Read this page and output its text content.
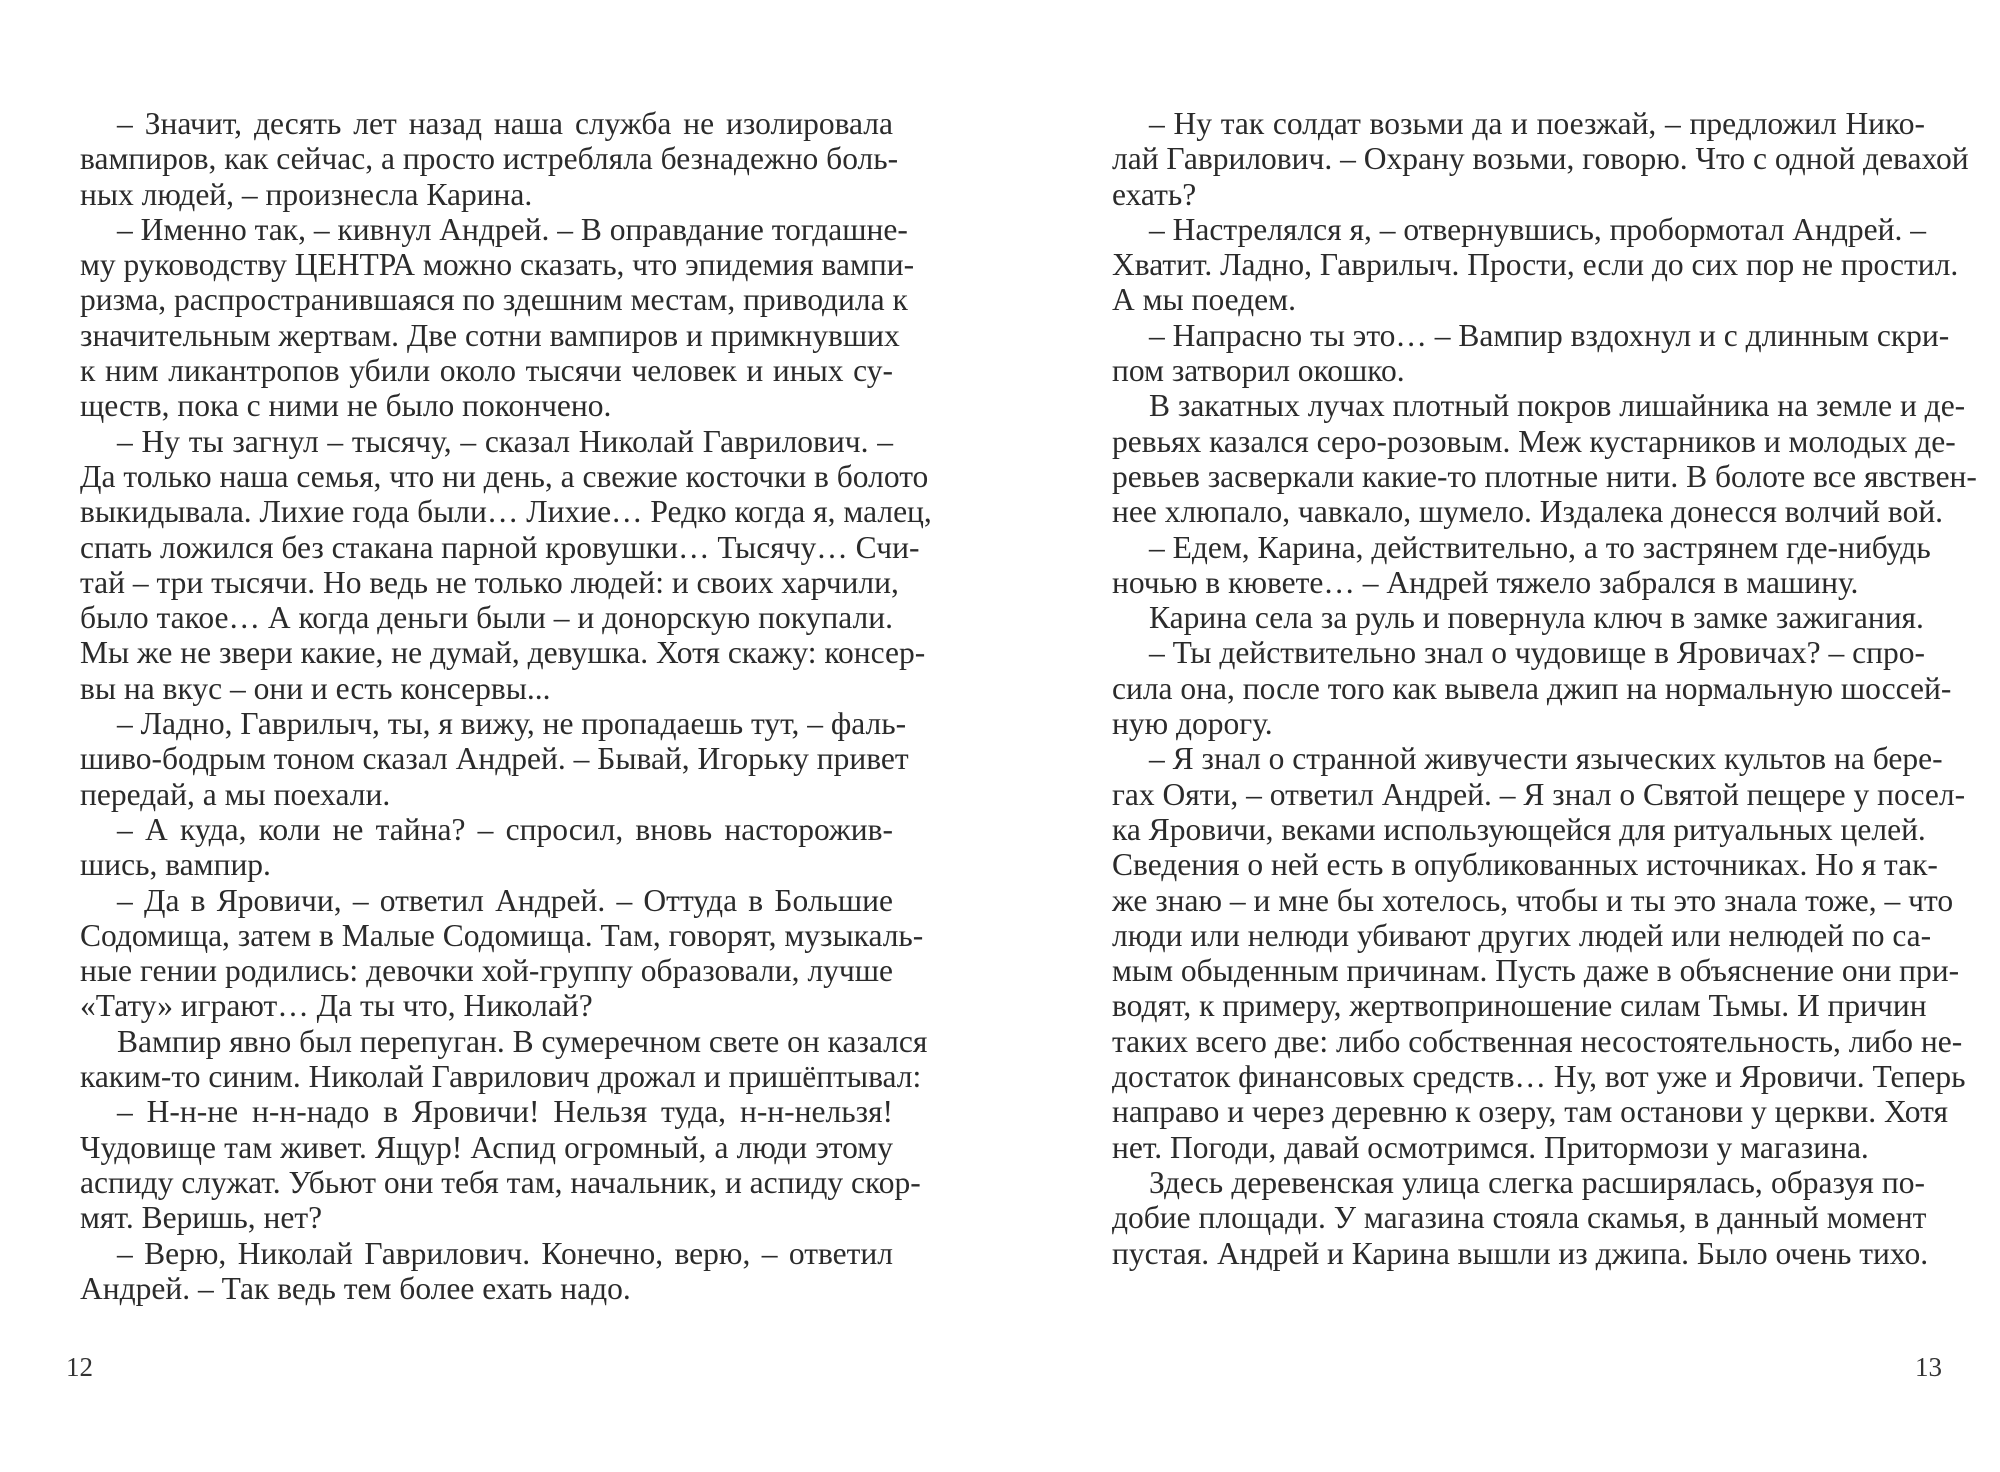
– Значит, десять лет назад наша служба не изолировала
вампиров, как сейчас, а просто истребляла безнадежно боль-
ных людей, – произнесла Карина.
– Именно так, – кивнул Андрей. – В оправдание тогдашне-
му руководству ЦЕНТРА можно сказать, что эпидемия вампи-
ризма, распространившаяся по здешним местам, приводила к
значительным жертвам. Две сотни вампиров и примкнувших
к ним ликантропов убили около тысячи человек и иных су-
ществ, пока с ними не было покончено.
– Ну ты загнул – тысячу, – сказал Николай Гаврилович. –
Да только наша семья, что ни день, а свежие косточки в болото
выкидывала. Лихие года были… Лихие… Редко когда я, малец,
спать ложился без стакана парной кровушки… Тысячу… Счи-
тай – три тысячи. Но ведь не только людей: и своих харчили,
было такое… А когда деньги были – и донорскую покупали.
Мы же не звери какие, не думай, девушка. Хотя скажу: консер-
вы на вкус – они и есть консервы...
– Ладно, Гаврилыч, ты, я вижу, не пропадаешь тут, – фаль-
шиво-бодрым тоном сказал Андрей. – Бывай, Игорьку привет
передай, а мы поехали.
– А куда, коли не тайна? – спросил, вновь насторожив-
шись, вампир.
– Да в Яровичи, – ответил Андрей. – Оттуда в Большие
Содомища, затем в Малые Содомища. Там, говорят, музыкаль-
ные гении родились: девочки хой-группу образовали, лучше
«Тату» играют… Да ты что, Николай?
Вампир явно был перепуган. В сумеречном свете он казался
каким-то синим. Николай Гаврилович дрожал и пришёптывал:
– Н-н-не н-н-надо в Яровичи! Нельзя туда, н-н-нельзя!
Чудовище там живет. Ящур! Аспид огромный, а люди этому
аспиду служат. Убьют они тебя там, начальник, и аспиду скор-
мят. Веришь, нет?
– Верю, Николай Гаврилович. Конечно, верю, – ответил
Андрей. – Так ведь тем более ехать надо.
12
– Ну так солдат возьми да и поезжай, – предложил Нико-
лай Гаврилович. – Охрану возьми, говорю. Что с одной девахой
ехать?
– Настрелялся я, – отвернувшись, пробормотал Андрей. –
Хватит. Ладно, Гаврилыч. Прости, если до сих пор не простил.
А мы поедем.
– Напрасно ты это… – Вампир вздохнул и с длинным скри-
пом затворил окошко.
В закатных лучах плотный покров лишайника на земле и де-
ревьях казался серо-розовым. Меж кустарников и молодых де-
ревьев засверкали какие-то плотные нити. В болоте все явствен-
нее хлюпало, чавкало, шумело. Издалека донесся волчий вой.
– Едем, Карина, действительно, а то застрянем где-нибудь
ночью в кювете… – Андрей тяжело забрался в машину.
Карина села за руль и повернула ключ в замке зажигания.
– Ты действительно знал о чудовище в Яровичах? – спро-
сила она, после того как вывела джип на нормальную шоссей-
ную дорогу.
– Я знал о странной живучести языческих культов на бере-
гах Ояти, – ответил Андрей. – Я знал о Святой пещере у посел-
ка Яровичи, веками использующейся для ритуальных целей.
Сведения о ней есть в опубликованных источниках. Но я так-
же знаю – и мне бы хотелось, чтобы и ты это знала тоже, – что
люди или нелюди убивают других людей или нелюдей по са-
мым обыденным причинам. Пусть даже в объяснение они при-
водят, к примеру, жертвоприношение силам Тьмы. И причин
таких всего две: либо собственная несостоятельность, либо не-
достаток финансовых средств… Ну, вот уже и Яровичи. Теперь
направо и через деревню к озеру, там останови у церкви. Хотя
нет. Погоди, давай осмотримся. Притормози у магазина.
Здесь деревенская улица слегка расширялась, образуя по-
добие площади. У магазина стояла скамья, в данный момент
пустая. Андрей и Карина вышли из джипа. Было очень тихо.
13
